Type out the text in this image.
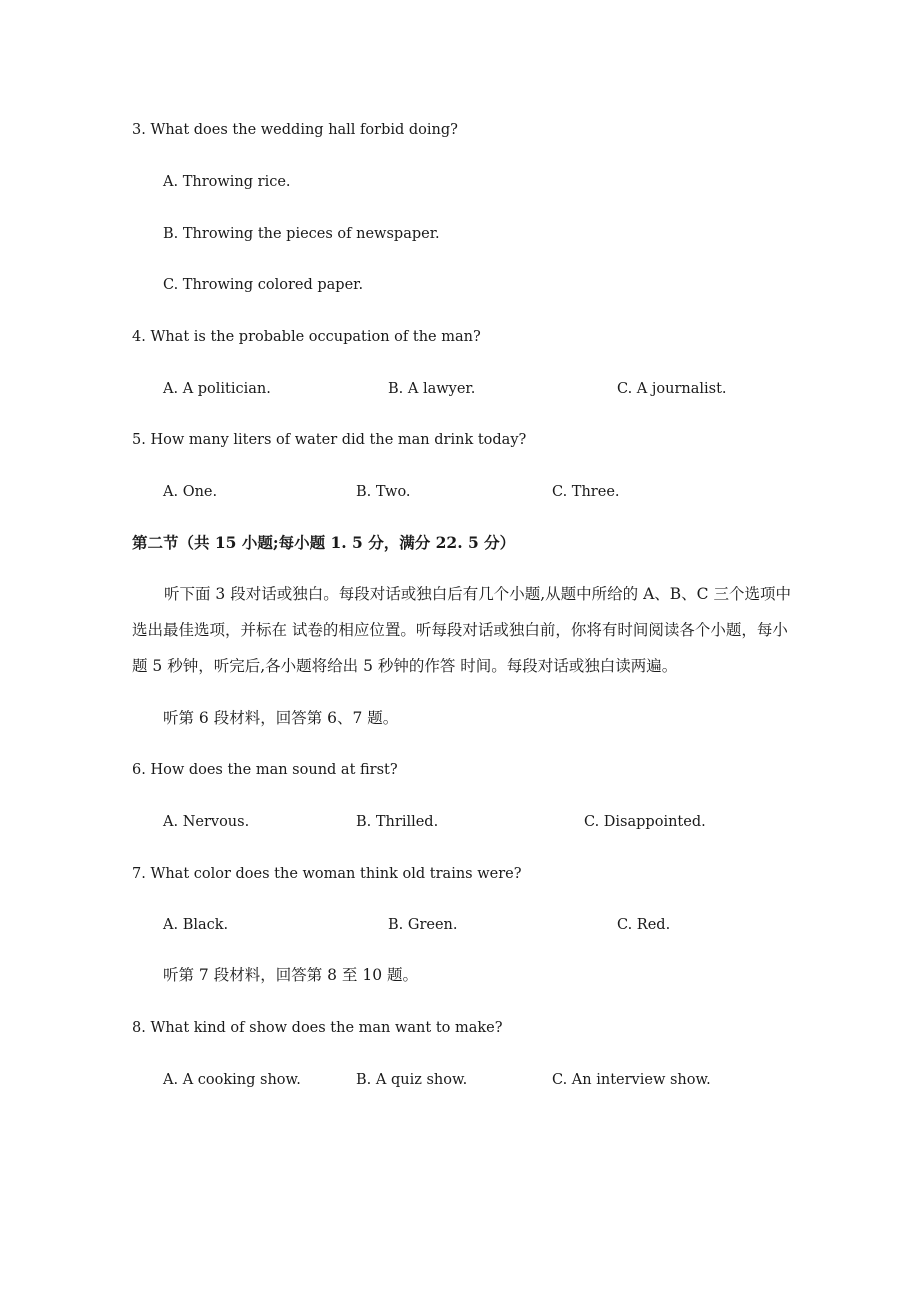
3. What does the wedding hall forbid doing?
A. Throwing rice.
B. Throwing the pieces of newspaper.
C. Throwing colored paper.
4. What is the probable occupation of the man?
A. A politician.	B. A lawyer.	C. A journalist.
5. How many liters of water did the man drink today?
A. One.	B. Two.	C. Three.
第二节（共 15 小题;每小题 1. 5 分，满分 22. 5 分）
听下面 3 段对话或独白。每段对话或独白后有几个小题,从题中所给的 A、B、C 三个选项中选出最佳选项，并标在 试卷的相应位置。听每段对话或独白前，你将有时间阅读各个小题，每小题 5 秒钟，听完后,各小题将给出 5 秒钟的作答 时间。每段对话或独白读两遍。
听第 6 段材料，回答第 6、7 题。
6. How does the man sound at first?
A. Nervous.	B. Thrilled.	C. Disappointed.
7. What color does the woman think old trains were?
A. Black.	B. Green.	C. Red.
听第 7 段材料，回答第 8 至 10 题。
8. What kind of show does the man want to make?
A. A cooking show.	B. A quiz show.	C. An interview show.
